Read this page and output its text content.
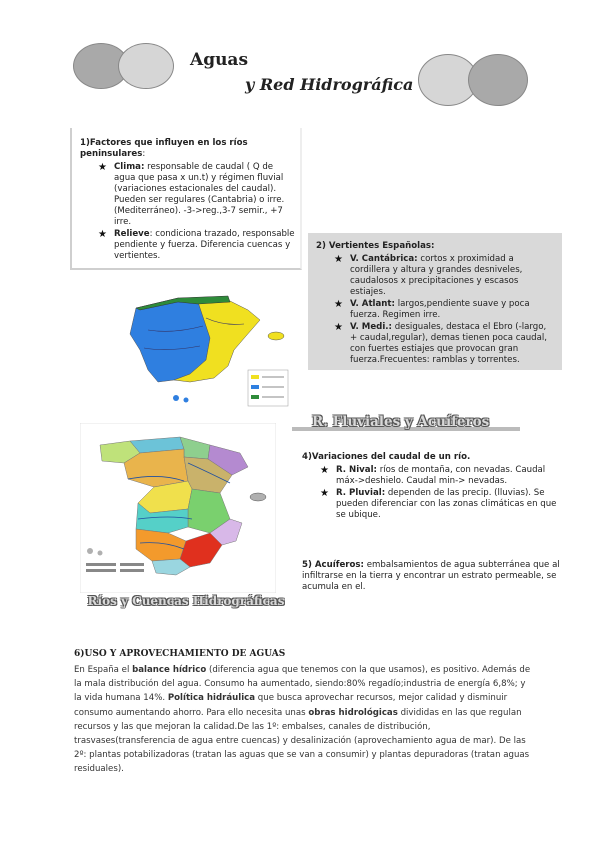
Aguas
y Red Hidrográfica
1)Factores que influyen en los ríos
peninsulares:
★ Clima: responsable de caudal ( Q de agua que pasa x un.t) y régimen fluvial (variaciones estacionales del caudal). Pueden ser regulares (Cantabria) o irre. (Mediterráneo). -3->reg.,3-7 semir., +7 irre.
★ Relieve: condiciona trazado, responsable pendiente y fuerza. Diferencia cuencas y vertientes.
2) Vertientes Españolas:
★ V. Cantábrica: cortos x proximidad a cordillera y altura y grandes desniveles, caudalosos x precipitaciones y escasos estiajes.
★ V. Atlant: largos,pendiente suave y poca fuerza. Regimen irre.
★ V. Medi.: desiguales, destaca el Ebro (-largo, + caudal,regular), demas tienen poca caudal, con fuertes estiajes que provocan gran fuerza.Frecuentes: ramblas y torrentes.
Ríos y Cuencas Hidrográficas
R. Fluviales y Acuíferos
4)Variaciones del caudal de un río.
★ R. Nival: ríos de montaña, con nevadas. Caudal máx->deshielo. Caudal min-> nevadas.
★ R. Pluvial: dependen de las precip. (lluvias). Se pueden diferenciar con las zonas climáticas en que se ubique.
5) Acuíferos: embalsamientos de agua subterránea que al infiltrarse en la tierra y encontrar un estrato permeable, se acumula en el.
6)USO Y APROVECHAMIENTO DE AGUAS
En España el balance hídrico (diferencia agua que tenemos con la que usamos), es positivo. Además de la mala distribución del agua. Consumo ha aumentado, siendo:80% regadío;industria de energía 6,8%; y la vida humana 14%. Política hidráulica que busca aprovechar recursos, mejor calidad y disminuir consumo aumentando ahorro. Para ello necesita unas obras hidrológicas divididas en las que regulan recursos y las que mejoran la calidad.De las 1º: embalses, canales de distribución, trasvases(transferencia de agua entre cuencas) y desalinización (aprovechamiento agua de mar). De las 2º: plantas potabilizadoras (tratan las aguas que se van a consumir) y plantas depuradoras (tratan aguas residuales).
